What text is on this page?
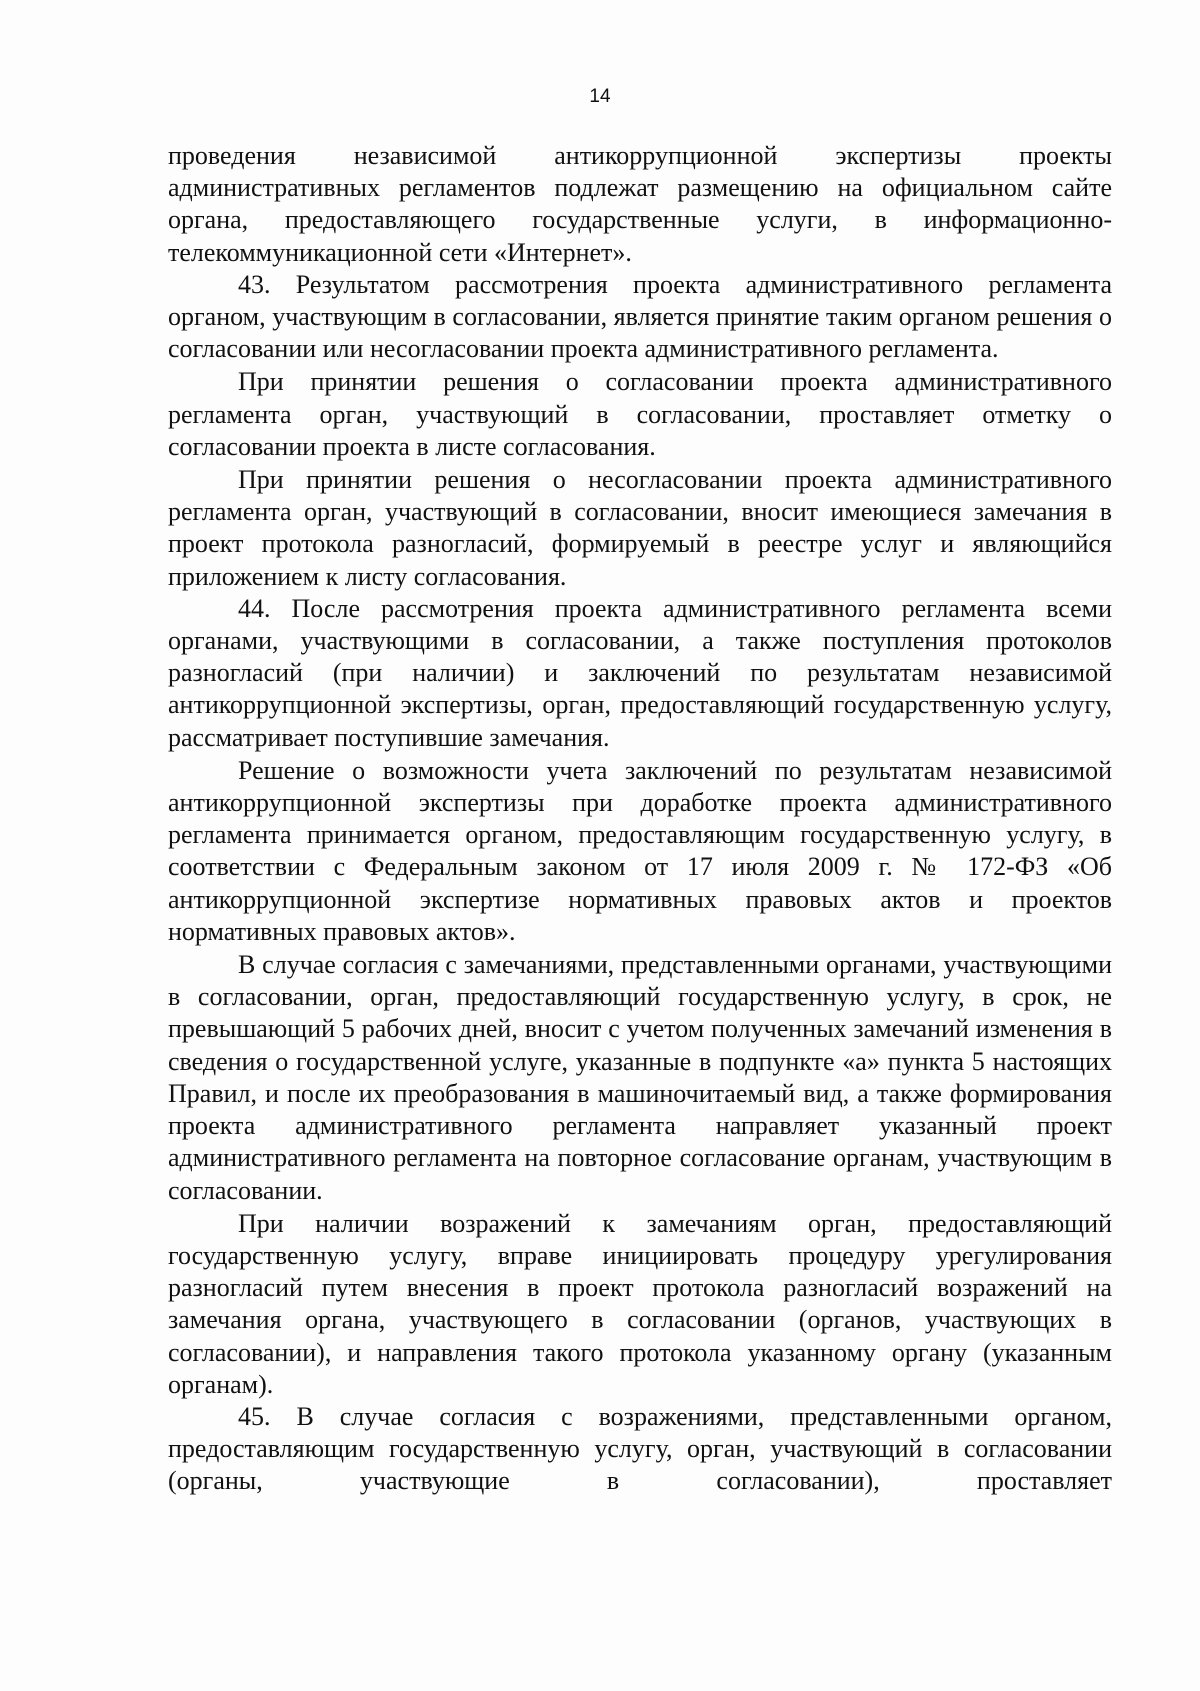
14

проведения независимой антикоррупционной экспертизы проекты административных регламентов подлежат размещению на официальном сайте органа, предоставляющего государственные услуги, в информационно-телекоммуникационной сети «Интернет».

43. Результатом рассмотрения проекта административного регламента органом, участвующим в согласовании, является принятие таким органом решения о согласовании или несогласовании проекта административного регламента.

При принятии решения о согласовании проекта административного регламента орган, участвующий в согласовании, проставляет отметку о согласовании проекта в листе согласования.

При принятии решения о несогласовании проекта административного регламента орган, участвующий в согласовании, вносит имеющиеся замечания в проект протокола разногласий, формируемый в реестре услуг и являющийся приложением к листу согласования.

44. После рассмотрения проекта административного регламента всеми органами, участвующими в согласовании, а также поступления протоколов разногласий (при наличии) и заключений по результатам независимой антикоррупционной экспертизы, орган, предоставляющий государственную услугу, рассматривает поступившие замечания.

Решение о возможности учета заключений по результатам независимой антикоррупционной экспертизы при доработке проекта административного регламента принимается органом, предоставляющим государственную услугу, в соответствии с Федеральным законом от 17 июля 2009 г. № 172-ФЗ «Об антикоррупционной экспертизе нормативных правовых актов и проектов нормативных правовых актов».

В случае согласия с замечаниями, представленными органами, участвующими в согласовании, орган, предоставляющий государственную услугу, в срок, не превышающий 5 рабочих дней, вносит с учетом полученных замечаний изменения в сведения о государственной услуге, указанные в подпункте «а» пункта 5 настоящих Правил, и после их преобразования в машиночитаемый вид, а также формирования проекта административного регламента направляет указанный проект административного регламента на повторное согласование органам, участвующим в согласовании.

При наличии возражений к замечаниям орган, предоставляющий государственную услугу, вправе инициировать процедуру урегулирования разногласий путем внесения в проект протокола разногласий возражений на замечания органа, участвующего в согласовании (органов, участвующих в согласовании), и направления такого протокола указанному органу (указанным органам).

45. В случае согласия с возражениями, представленными органом, предоставляющим государственную услугу, орган, участвующий в согласовании (органы, участвующие в согласовании), проставляет
